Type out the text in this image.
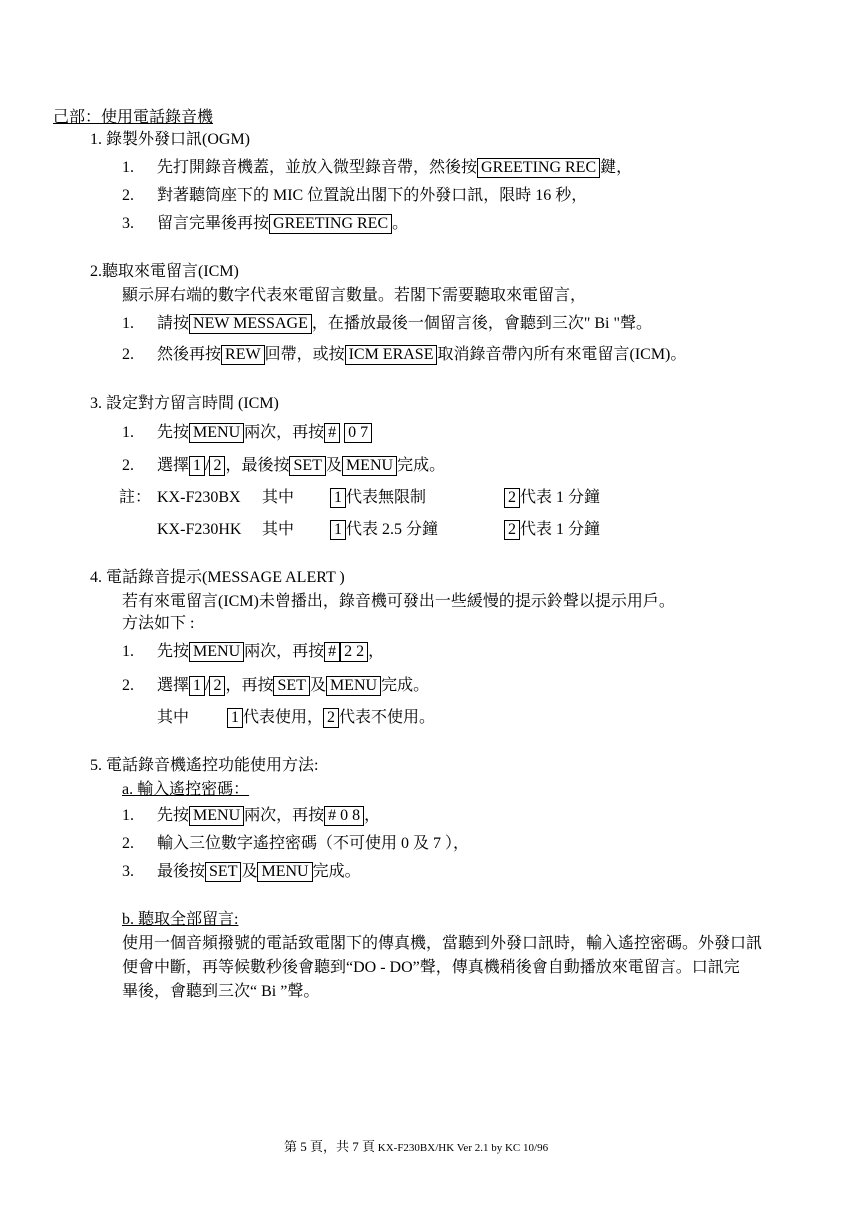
己部：使用電話錄音機
1. 錄製外發口訊(OGM)
1. 先打開錄音機蓋，並放入微型錄音帶，然後按 GREETING REC 鍵，
2. 對著聽筒座下的 MIC 位置說出閣下的外發口訊，限時 16 秒，
3. 留言完畢後再按 GREETING REC 。
2.聽取來電留言(ICM)
顯示屏右端的數字代表來電留言數量。若閣下需要聽取來電留言，
1. 請按 NEW MESSAGE ，在播放最後一個留言後，會聽到三次" Bi "聲。
2. 然後再按 REW 回帶，或按 ICM ERASE 取消錄音帶內所有來電留言(ICM)。
3. 設定對方留言時間 (ICM)
1. 先按 MENU 兩次，再按 # 0 7
2. 選擇 1 / 2 ，最後按 SET 及 MENU 完成。
註： KX-F230BX 其中 1 代表無限制	2 代表 1 分鐘
KX-F230HK 其中 1 代表 2.5 分鐘	2 代表 1 分鐘
4. 電話錄音提示(MESSAGE ALERT )
若有來電留言(ICM)未曾播出，錄音機可發出一些緩慢的提示鈴聲以提示用戶。
方法如下 :
1. 先按 MENU 兩次，再按 # 2 2 ，
2. 選擇 1 / 2 ，再按 SET 及 MENU 完成。
其中	1 代表使用， 2 代表不使用。
5. 電話錄音機遙控功能使用方法:
a. 輸入遙控密碼：
1. 先按 MENU 兩次，再按 # 0 8 ，
2. 輸入三位數字遙控密碼（不可使用 0 及 7 ），
3. 最後按 SET 及 MENU 完成。
b. 聽取全部留言:
使用一個音頻撥號的電話致電閣下的傳真機，當聽到外發口訊時，輸入遙控密碼。外發口訊
便會中斷，再等候數秒後會聽到“DO - DO”聲，傳真機稍後會自動播放來電留言。口訊完
畢後，會聽到三次“ Bi ”聲。
第 5 頁，共 7 頁 KX-F230BX/HK Ver 2.1 by KC 10/96
